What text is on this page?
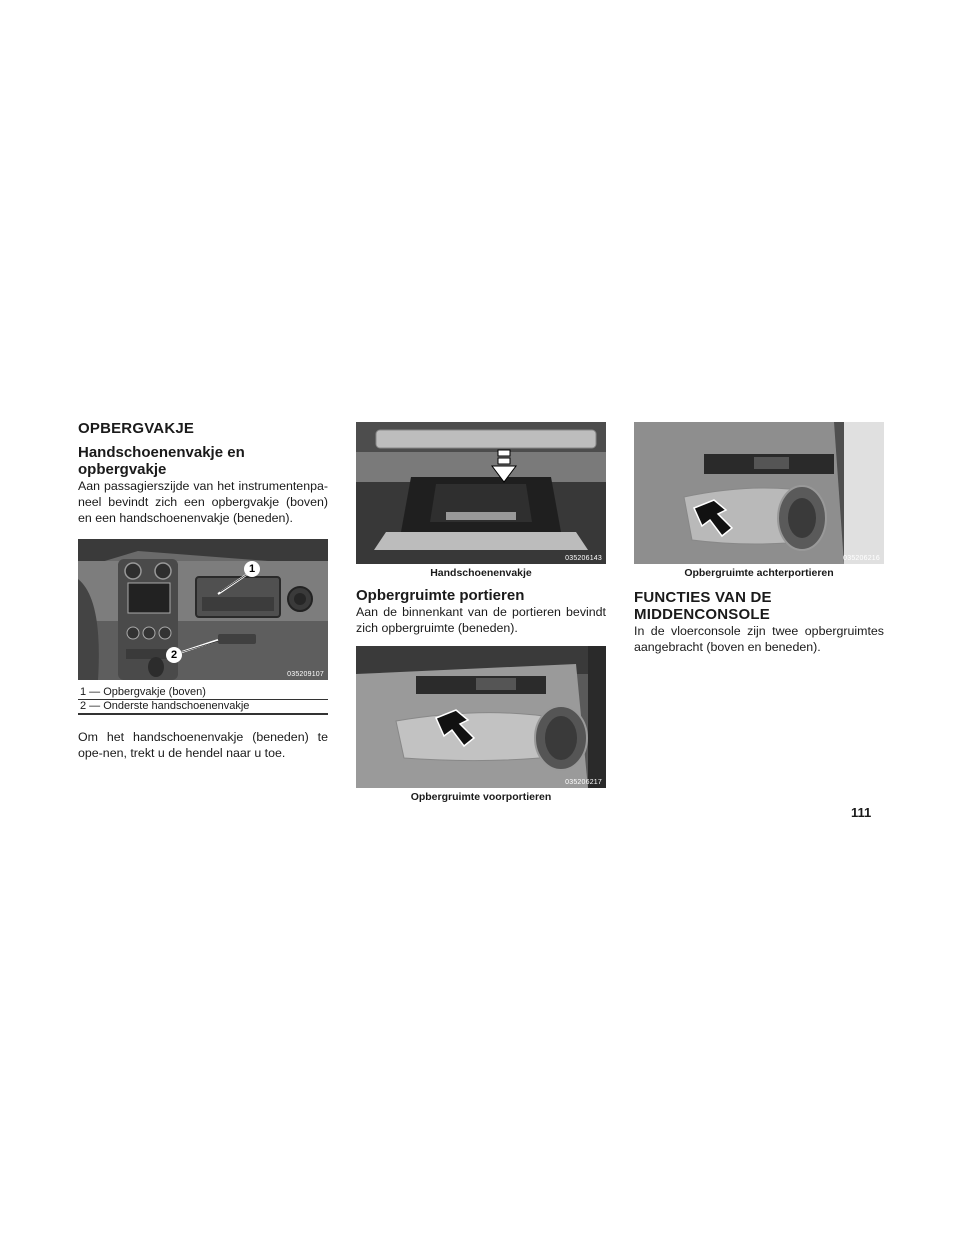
OPBERGVAKJE
Handschoenenvakje en opbergvakje

Aan passagierszijde van het instrumentenpa-neel bevindt zich een opbergvakje (boven) en een handschoenenvakje (beneden).

1
2
035209107
1 — Opbergvakje (boven)
2 — Onderste handschoenenvakje

Om het handschoenenvakje (beneden) te ope-nen, trekt u de hendel naar u toe.

035206143
Handschoenenvakje
Opbergruimte portieren

Aan de binnenkant van de portieren bevindt zich opbergruimte (beneden).

035206217
Opbergruimte voorportieren
035206216
Opbergruimte achterportieren
FUNCTIES VAN DE
MIDDENCONSOLE

In de vloerconsole zijn twee opbergruimtes aangebracht (boven en beneden).

111
